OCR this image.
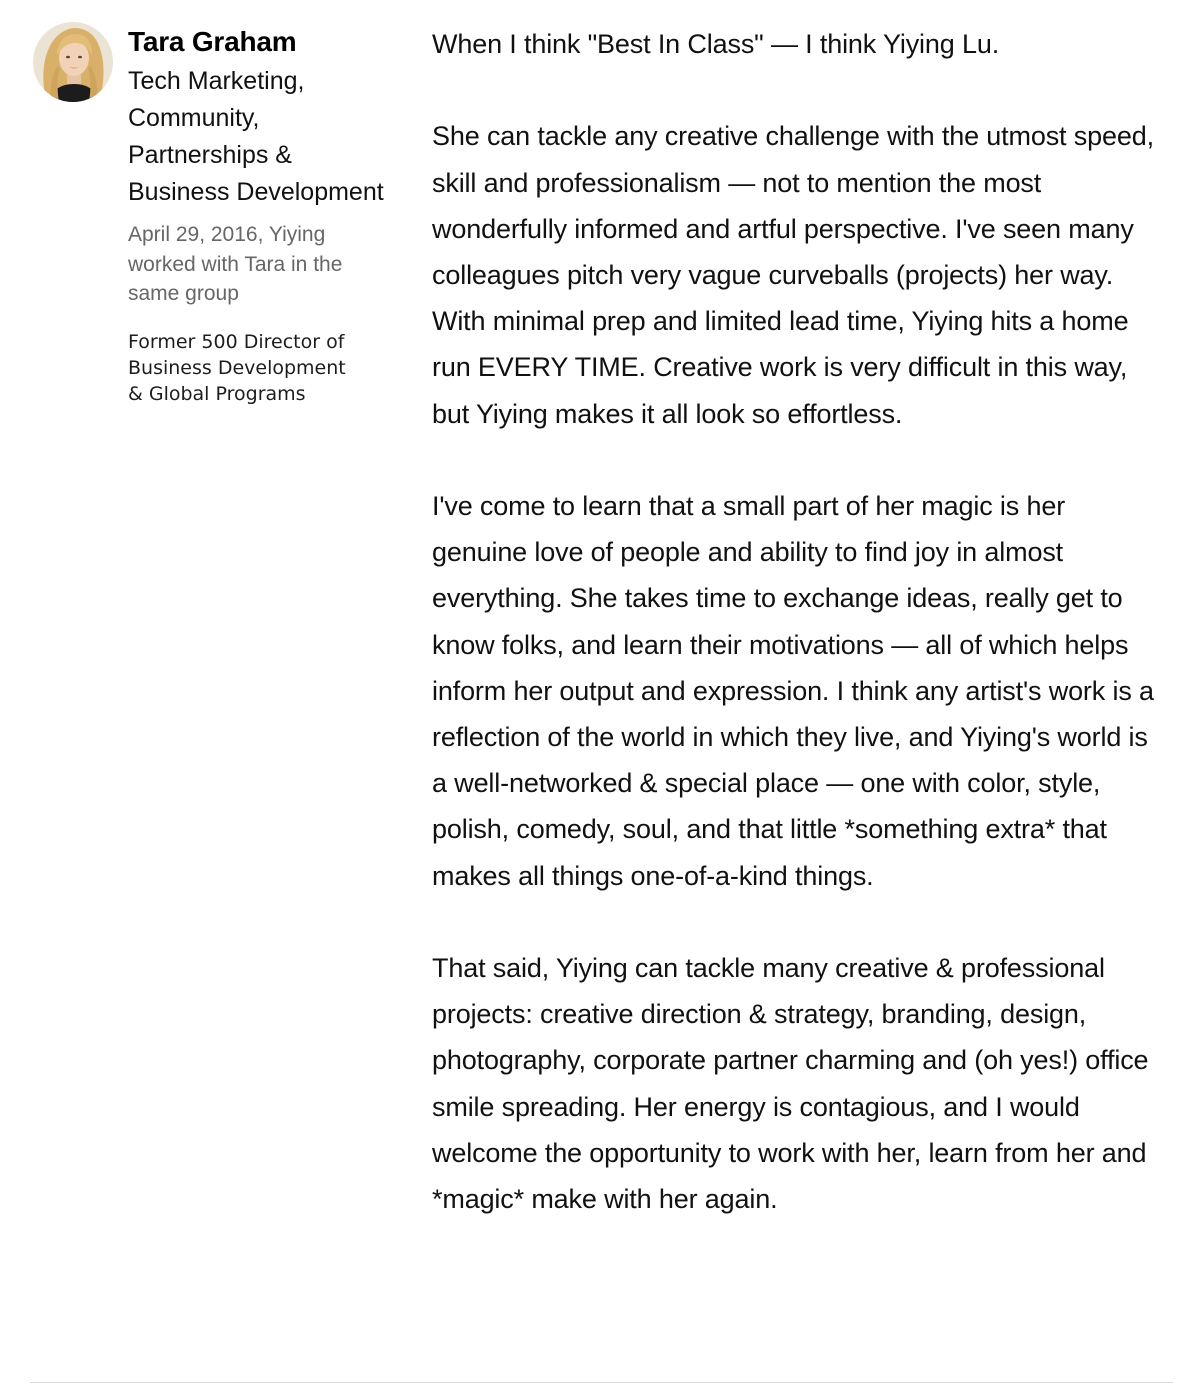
Tara Graham
Tech Marketing,
Community,
Partnerships &
Business Development
April 29, 2016, Yiying
worked with Tara in the
same group
Former 500 Director of
Business Development
& Global Programs

When I think "Best In Class" — I think Yiying Lu.

She can tackle any creative challenge with the utmost speed, skill and professionalism — not to mention the most wonderfully informed and artful perspective. I've seen many colleagues pitch very vague curveballs (projects) her way. With minimal prep and limited lead time, Yiying hits a home run EVERY TIME. Creative work is very difficult in this way, but Yiying makes it all look so effortless.

I've come to learn that a small part of her magic is her genuine love of people and ability to find joy in almost everything. She takes time to exchange ideas, really get to know folks, and learn their motivations — all of which helps inform her output and expression. I think any artist's work is a reflection of the world in which they live, and Yiying's world is a well-networked & special place — one with color, style, polish, comedy, soul, and that little *something extra* that makes all things one-of-a-kind things.

That said, Yiying can tackle many creative & professional projects: creative direction & strategy, branding, design, photography, corporate partner charming and (oh yes!) office smile spreading. Her energy is contagious, and I would welcome the opportunity to work with her, learn from her and *magic* make with her again.
